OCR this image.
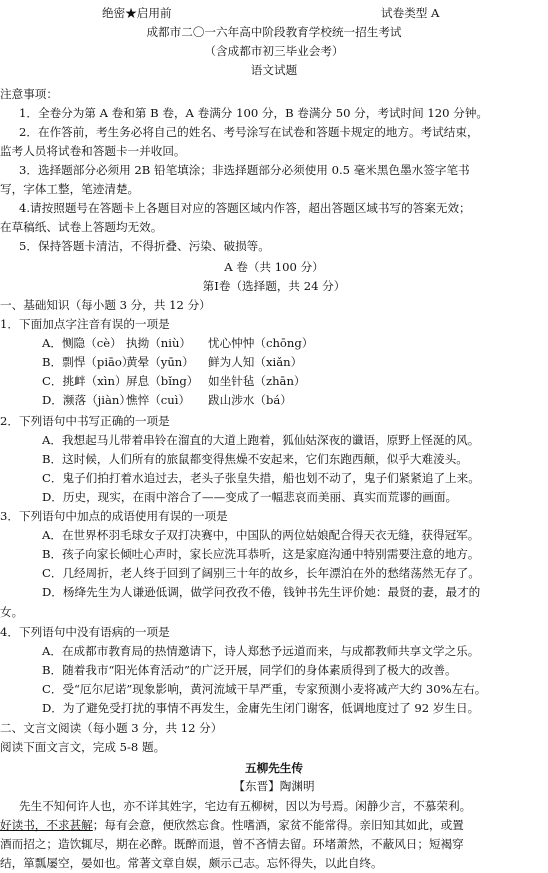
绝密★启用前	试卷类型 A
成都市二〇一六年高中阶段教育学校统一招生考试
（含成都市初三毕业会考）
语文试题
注意事项：
1．全卷分为第 A 卷和第 B 卷，A 卷满分 100 分，B 卷满分 50 分，考试时间 120 分钟。
2．在作答前，考生务必将自己的姓名、考号涂写在试卷和答题卡规定的地方。考试结束，
监考人员将试卷和答题卡一并收回。
3．选择题部分必须用 2B 铅笔填涂；非选择题部分必须使用 0.5 毫米黑色墨水签字笔书
写，字体工整，笔迹清楚。
4.请按照题号在答题卡上各题目对应的答题区域内作答，超出答题区域书写的答案无效；
在草稿纸、试卷上答题均无效。
5．保持答题卡清洁，不得折叠、污染、破损等。
A 卷（共 100 分）
第Ⅰ卷（选择题，共 24 分）
一、基础知识（每小题 3 分，共 12 分）
1．下面加点字注音有误的一项是
A．恻隐（cè） 执拗（niù） 忧心忡忡（chōng）
B．剽悍（piāo）黄晕（yūn） 鲜为人知（xiǎn）
C．挑衅（xìn）屏息（bǐng） 如坐针毡（zhān）
D．濒落（jiàn）憔悴（cuì） 跋山涉水（bá）
2．下列语句中书写正确的一项是
A．我想起马儿带着串铃在溜直的大道上跑着，狐仙姑深夜的谶语，原野上怪涎的风。
B．这时候，人们所有的旅鼠都变得焦燥不安起来，它们东跑西颠，似乎大难淩头。
C．鬼子们拍打着水追过去，老头子张皇失措，船也划不动了，鬼子们紧紧追了上来。
D．历史，现实，在雨中溶合了——变成了一幅悲哀而美丽、真实而荒谬的画面。
3．下列语句中加点的成语使用有误的一项是
A．在世界杯羽毛球女子双打决赛中，中国队的两位姑娘配合得天衣无缝，获得冠军。
B．孩子向家长倾吐心声时，家长应洗耳恭听，这是家庭沟通中特别需要注意的地方。
C．几经周折，老人终于回到了阔别三十年的故乡，长年漂泊在外的愁绪荡然无存了。
D．杨绛先生为人谦逊低调，做学问孜孜不倦，钱钟书先生评价她：最贤的妻，最才的
女。
4．下列语句中没有语病的一项是
A．在成都市教育局的热情邀请下，诗人郑愁予远道而来，与成都教师共享文学之乐。
B．随着我市“阳光体育活动”的广泛开展，同学们的身体素质得到了极大的改善。
C．受“厄尔尼诺”现象影响，黄河流域干旱严重，专家预测小麦将减产大约 30%左右。
D．为了避免受打扰的事情不再发生，金庸先生闭门谢客，低调地度过了 92 岁生日。
二、文言文阅读（每小题 3 分，共 12 分）
阅读下面文言文，完成 5-8 题。
五柳先生传
【东晋】陶渊明
先生不知何许人也，亦不详其姓字，宅边有五柳树，因以为号焉。闲静少言，不慕荣利。
好读书，不求甚解；每有会意，便欣然忘食。性嗜酒，家贫不能常得。亲旧知其如此，或置
酒而招之；造饮辄尽，期在必醉。既醉而退，曾不吝情去留。环堵萧然，不蔽风日；短褐穿
结，箪瓢屡空，晏如也。常著文章自娱，颇示己志。忘怀得失，以此自终。
